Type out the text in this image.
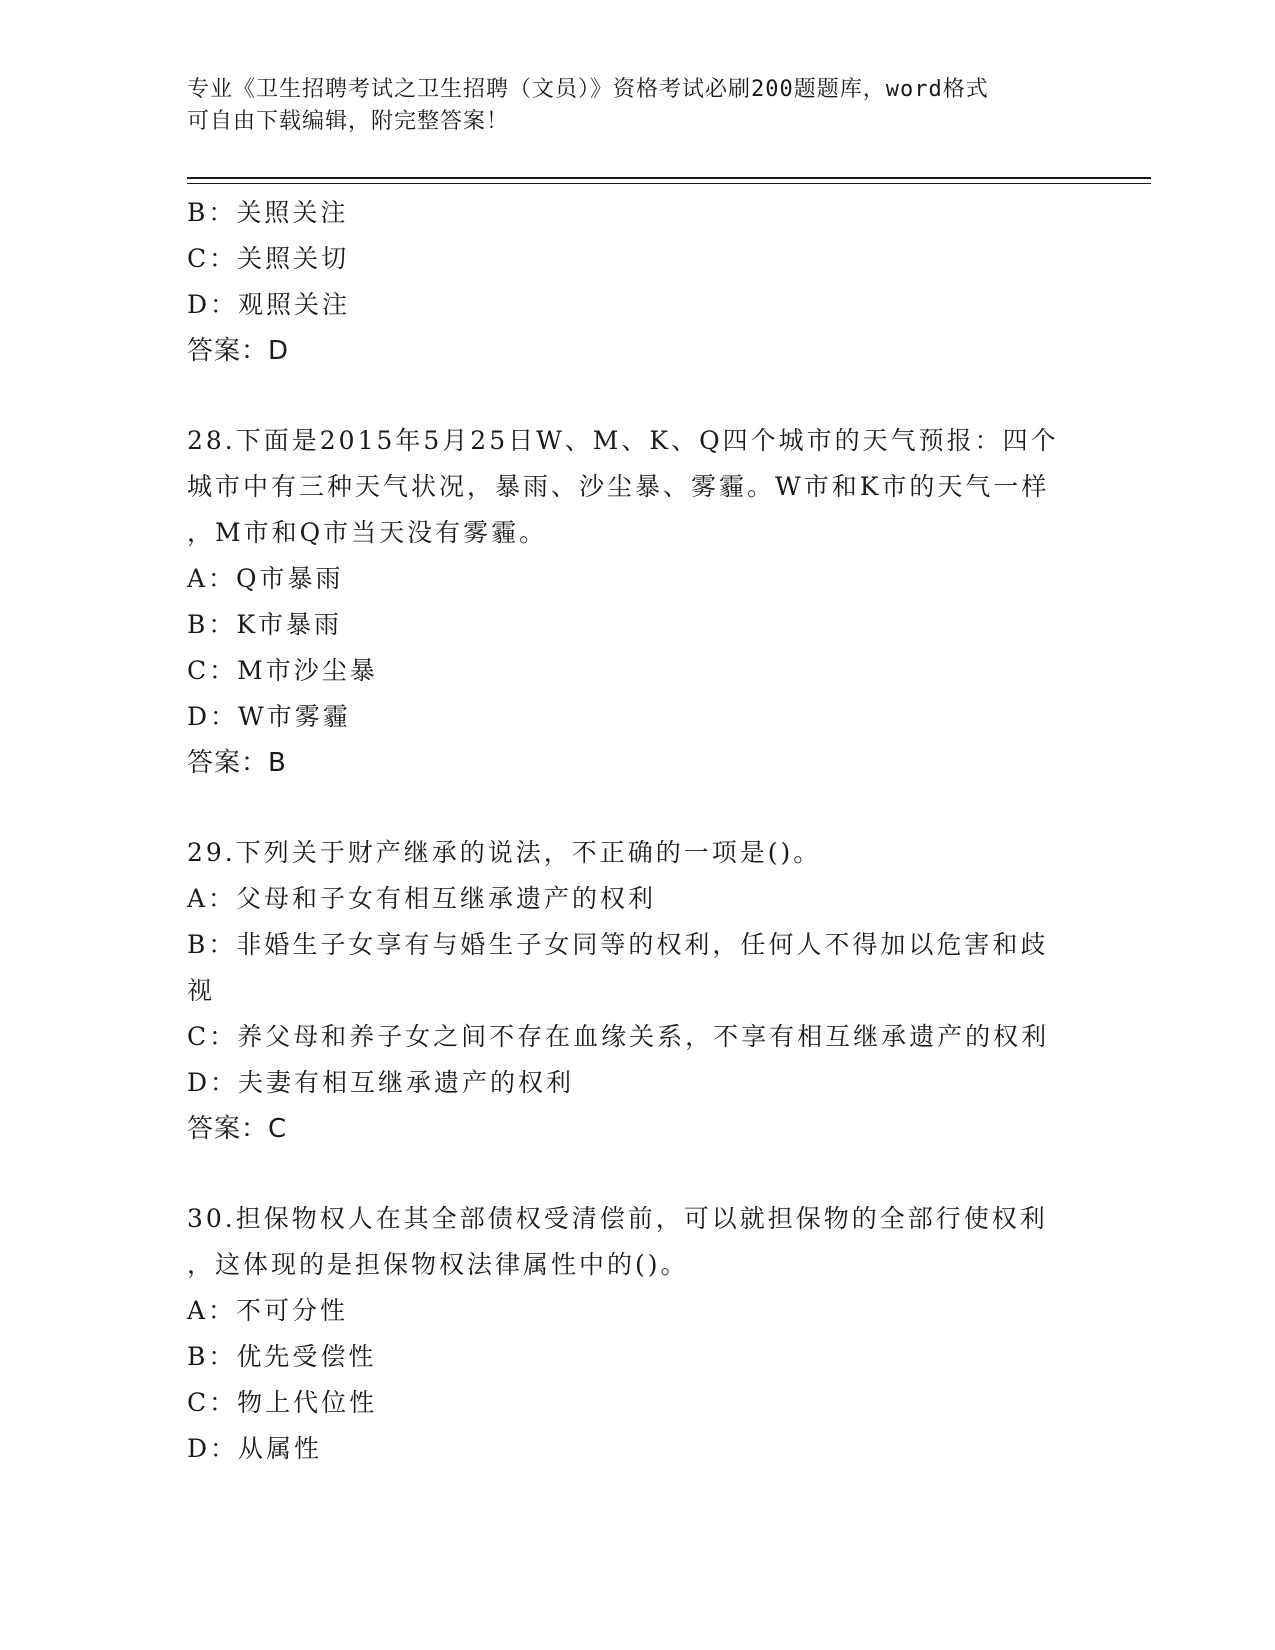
专业《卫生招聘考试之卫生招聘（文员）》资格考试必刷200题题库，word格式
可自由下载编辑，附完整答案！
B：关照关注
C：关照关切
D：观照关注
答案：D
28.下面是2015年5月25日W、M、K、Q四个城市的天气预报：四个
城市中有三种天气状况，暴雨、沙尘暴、雾霾。W市和K市的天气一样
，M市和Q市当天没有雾霾。
A：Q市暴雨
B：K市暴雨
C：M市沙尘暴
D：W市雾霾
答案：B
29.下列关于财产继承的说法，不正确的一项是()。
A：父母和子女有相互继承遗产的权利
B：非婚生子女享有与婚生子女同等的权利，任何人不得加以危害和歧
视
C：养父母和养子女之间不存在血缘关系，不享有相互继承遗产的权利
D：夫妻有相互继承遗产的权利
答案：C
30.担保物权人在其全部债权受清偿前，可以就担保物的全部行使权利
，这体现的是担保物权法律属性中的()。
A：不可分性
B：优先受偿性
C：物上代位性
D：从属性
